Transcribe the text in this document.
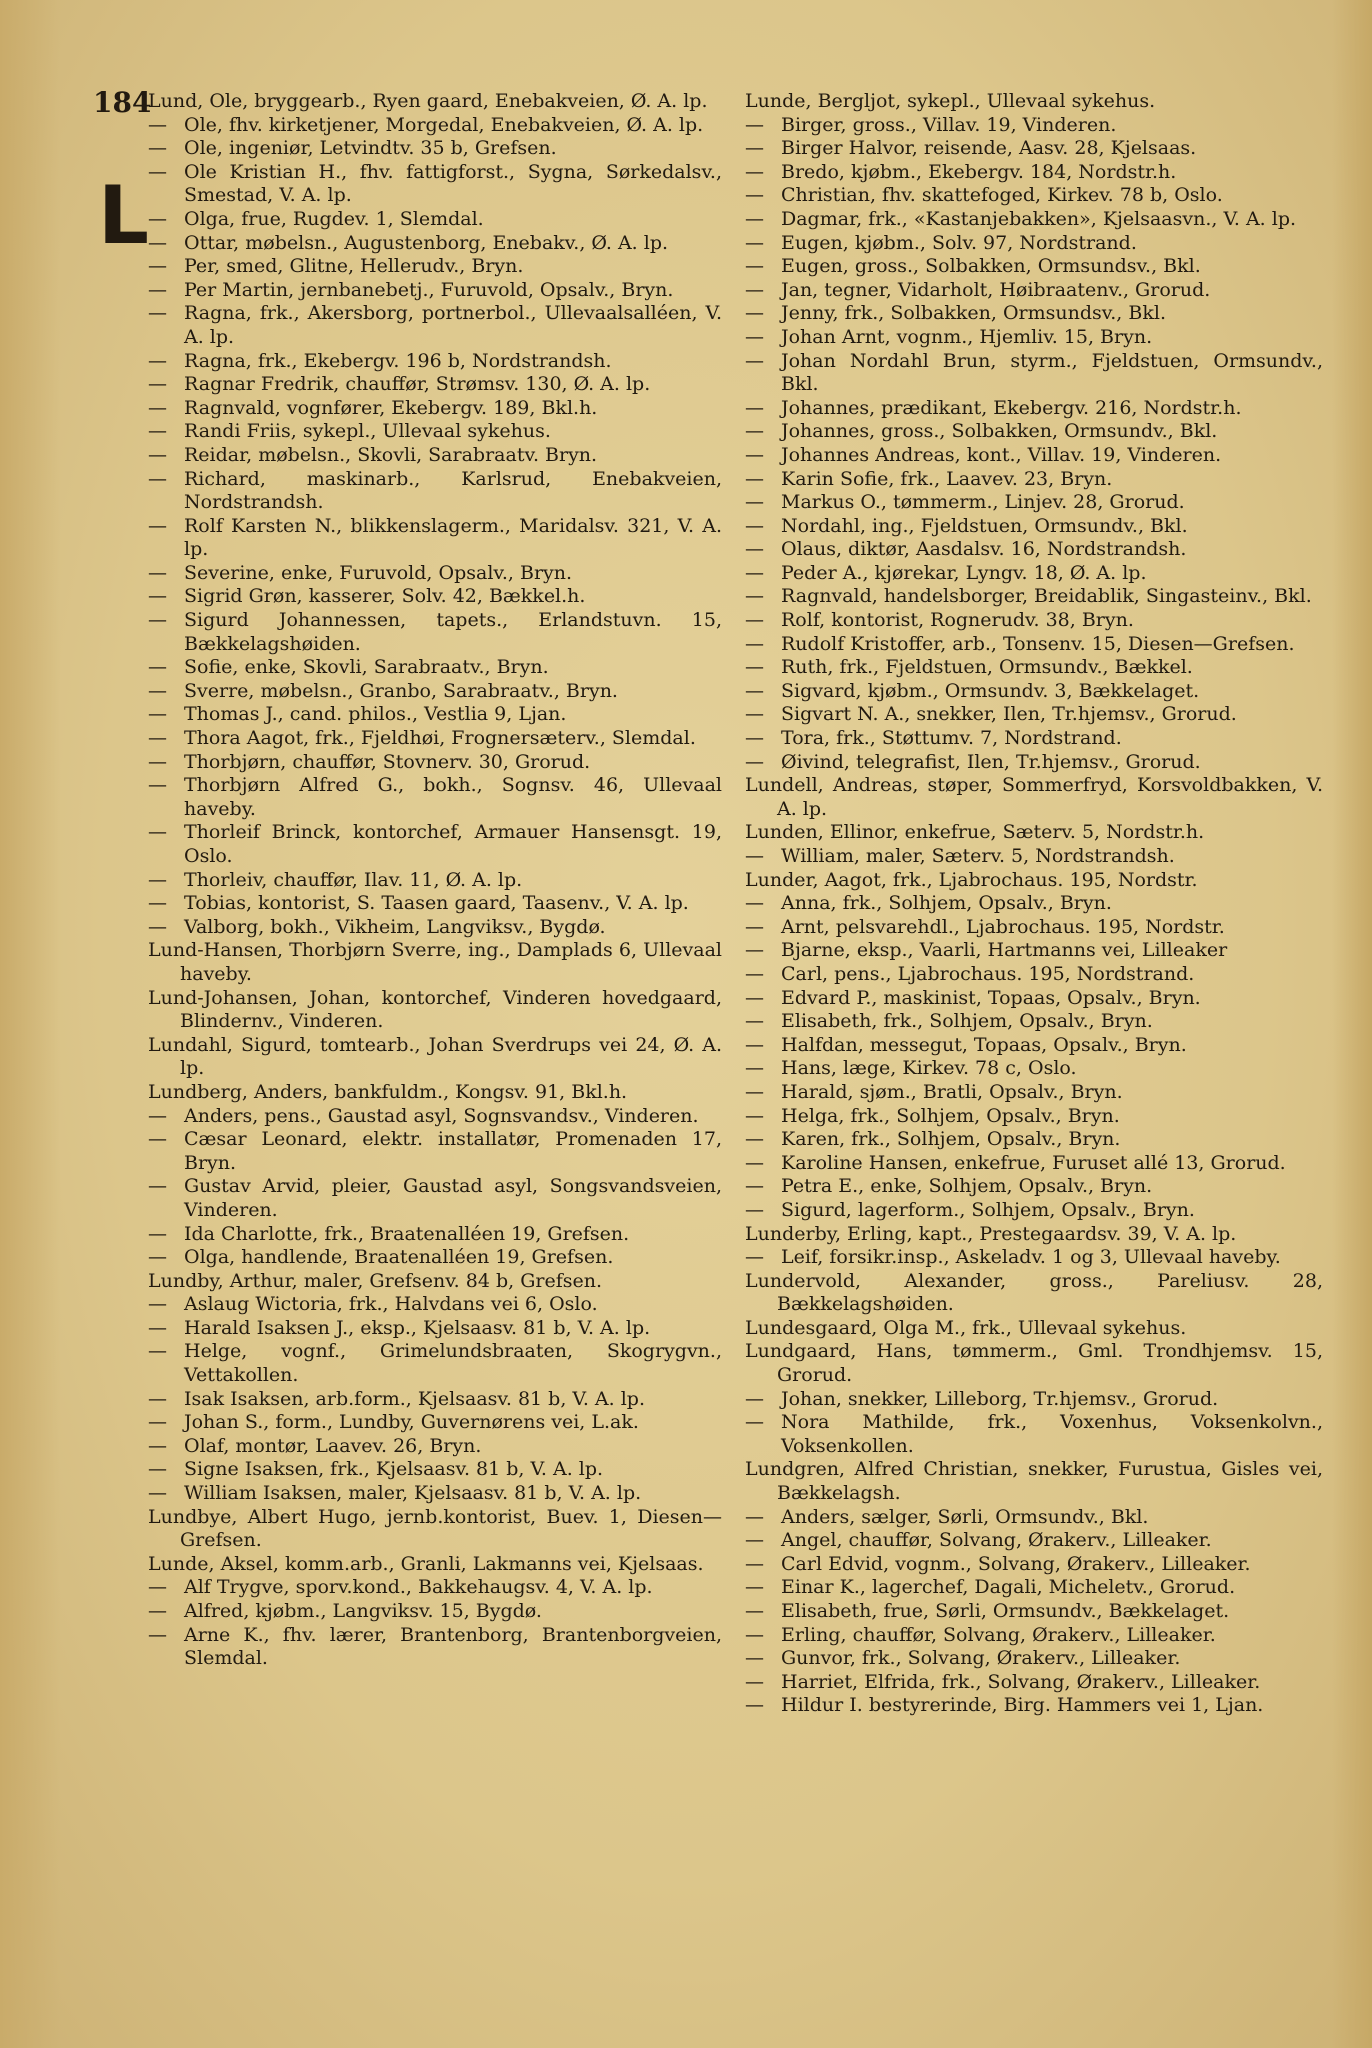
184
L
Lund, Ole, bryggearb., Ryen gaard, Enebakveien, Ø. A. lp.
— Ole, fhv. kirketjener, Morgedal, Enebakveien, Ø. A. lp.
— Ole, ingeniør, Letvindtv. 35 b, Grefsen.
— Ole Kristian H., fhv. fattigforst., Sygna, Sørkedalsv., Smestad, V. A. lp.
— Olga, frue, Rugdev. 1, Slemdal.
— Ottar, møbelsn., Augustenborg, Enebakv., Ø. A. lp.
— Per, smed, Glitne, Hellerudv., Bryn.
— Per Martin, jernbanebetj., Furuvold, Opsalv., Bryn.
— Ragna, frk., Akersborg, portnerbol., Ullevaalsalléen, V. A. lp.
— Ragna, frk., Ekebergv. 196 b, Nordstrandsh.
— Ragnar Fredrik, chauffør, Strømsv. 130, Ø. A. lp.
— Ragnvald, vognfører, Ekebergv. 189, Bkl.h.
— Randi Friis, sykepl., Ullevaal sykehus.
— Reidar, møbelsn., Skovli, Sarabraatv. Bryn.
— Richard, maskinarb., Karlsrud, Enebakveien, Nordstrandsh.
— Rolf Karsten N., blikkenslagerm., Maridalsv. 321, V. A. lp.
— Severine, enke, Furuvold, Opsalv., Bryn.
— Sigrid Grøn, kasserer, Solv. 42, Bækkel.h.
— Sigurd Johannessen, tapets., Erlandstuvn. 15, Bækkelagshøiden.
— Sofie, enke, Skovli, Sarabraatv., Bryn.
— Sverre, møbelsn., Granbo, Sarabraatv., Bryn.
— Thomas J., cand. philos., Vestlia 9, Ljan.
— Thora Aagot, frk., Fjeldhøi, Frognersæterv., Slemdal.
— Thorbjørn, chauffør, Stovnerv. 30, Grorud.
— Thorbjørn Alfred G., bokh., Sognsv. 46, Ullevaal haveby.
— Thorleif Brinck, kontorchef, Armauer Hansensgt. 19, Oslo.
— Thorleiv, chauffør, Ilav. 11, Ø. A. lp.
— Tobias, kontorist, S. Taasen gaard, Taasenv., V. A. lp.
— Valborg, bokh., Vikheim, Langviksv., Bygdø.
Lund-Hansen, Thorbjørn Sverre, ing., Damplads 6, Ullevaal haveby.
Lund-Johansen, Johan, kontorchef, Vinderen hovedgaard, Blindernv., Vinderen.
Lundahl, Sigurd, tomtearb., Johan Sverdrups vei 24, Ø. A. lp.
Lundberg, Anders, bankfuldm., Kongsv. 91, Bkl.h.
— Anders, pens., Gaustad asyl, Sognsvandsv., Vinderen.
— Cæsar Leonard, elektr. installatør, Promenaden 17, Bryn.
— Gustav Arvid, pleier, Gaustad asyl, Songsvandsveien, Vinderen.
— Ida Charlotte, frk., Braatenalléen 19, Grefsen.
— Olga, handlende, Braatenalléen 19, Grefsen.
Lundby, Arthur, maler, Grefsenv. 84 b, Grefsen.
— Aslaug Wictoria, frk., Halvdans vei 6, Oslo.
— Harald Isaksen J., eksp., Kjelsaasv. 81 b, V. A. lp.
— Helge, vognf., Grimelundsbraaten, Skogrygvn., Vettakollen.
— Isak Isaksen, arb.form., Kjelsaasv. 81 b, V. A. lp.
— Johan S., form., Lundby, Guvernørens vei, L.ak.
— Olaf, montør, Laavev. 26, Bryn.
— Signe Isaksen, frk., Kjelsaasv. 81 b, V. A. lp.
— William Isaksen, maler, Kjelsaasv. 81 b, V. A. lp.
Lundbye, Albert Hugo, jernb.kontorist, Buev. 1, Diesen—Grefsen.
Lunde, Aksel, komm.arb., Granli, Lakmanns vei, Kjelsaas.
— Alf Trygve, sporv.kond., Bakkehaugsv. 4, V. A. lp.
— Alfred, kjøbm., Langviksv. 15, Bygdø.
— Arne K., fhv. lærer, Brantenborg, Brantenborgveien, Slemdal.
Lunde, Bergljot, sykepl., Ullevaal sykehus.
— Birger, gross., Villav. 19, Vinderen.
— Birger Halvor, reisende, Aasv. 28, Kjelsaas.
— Bredo, kjøbm., Ekebergv. 184, Nordstr.h.
— Christian, fhv. skattefoged, Kirkev. 78 b, Oslo.
— Dagmar, frk., «Kastanjebakken», Kjelsaasvn., V. A. lp.
— Eugen, kjøbm., Solv. 97, Nordstrand.
— Eugen, gross., Solbakken, Ormsundsv., Bkl.
— Jan, tegner, Vidarholt, Høibraatenv., Grorud.
— Jenny, frk., Solbakken, Ormsundsv., Bkl.
— Johan Arnt, vognm., Hjemliv. 15, Bryn.
— Johan Nordahl Brun, styrm., Fjeldstuen, Ormsundv., Bkl.
— Johannes, prædikant, Ekebergv. 216, Nordstr.h.
— Johannes, gross., Solbakken, Ormsundv., Bkl.
— Johannes Andreas, kont., Villav. 19, Vinderen.
— Karin Sofie, frk., Laavev. 23, Bryn.
— Markus O., tømmerm., Linjev. 28, Grorud.
— Nordahl, ing., Fjeldstuen, Ormsundv., Bkl.
— Olaus, diktør, Aasdalsv. 16, Nordstrandsh.
— Peder A., kjørekar, Lyngv. 18, Ø. A. lp.
— Ragnvald, handelsborger, Breidablik, Singasteinv., Bkl.
— Rolf, kontorist, Rognerudv. 38, Bryn.
— Rudolf Kristoffer, arb., Tonsenv. 15, Diesen—Grefsen.
— Ruth, frk., Fjeldstuen, Ormsundv., Bækkel.
— Sigvard, kjøbm., Ormsundv. 3, Bækkelaget.
— Sigvart N. A., snekker, Ilen, Tr.hjemsv., Grorud.
— Tora, frk., Støttumv. 7, Nordstrand.
— Øivind, telegrafist, Ilen, Tr.hjemsv., Grorud.
Lundell, Andreas, støper, Sommerfryd, Korsvoldbakken, V. A. lp.
Lunden, Ellinor, enkefrue, Sæterv. 5, Nordstr.h.
— William, maler, Sæterv. 5, Nordstrandsh.
Lunder, Aagot, frk., Ljabrochaus. 195, Nordstr.
— Anna, frk., Solhjem, Opsalv., Bryn.
— Arnt, pelsvarehdl., Ljabrochaus. 195, Nordstr.
— Bjarne, eksp., Vaarli, Hartmanns vei, Lilleaker
— Carl, pens., Ljabrochaus. 195, Nordstrand.
— Edvard P., maskinist, Topaas, Opsalv., Bryn.
— Elisabeth, frk., Solhjem, Opsalv., Bryn.
— Halfdan, messegut, Topaas, Opsalv., Bryn.
— Hans, læge, Kirkev. 78 c, Oslo.
— Harald, sjøm., Bratli, Opsalv., Bryn.
— Helga, frk., Solhjem, Opsalv., Bryn.
— Karen, frk., Solhjem, Opsalv., Bryn.
— Karoline Hansen, enkefrue, Furuset allé 13, Grorud.
— Petra E., enke, Solhjem, Opsalv., Bryn.
— Sigurd, lagerform., Solhjem, Opsalv., Bryn.
Lunderby, Erling, kapt., Prestegaardsv. 39, V. A. lp.
— Leif, forsikr.insp., Askeladv. 1 og 3, Ullevaal haveby.
Lundervold, Alexander, gross., Pareliusv. 28, Bækkelagshøiden.
Lundesgaard, Olga M., frk., Ullevaal sykehus.
Lundgaard, Hans, tømmerm., Gml. Trondhjemsv. 15, Grorud.
— Johan, snekker, Lilleborg, Tr.hjemsv., Grorud.
— Nora Mathilde, frk., Voxenhus, Voksenkolvn., Voksenkollen.
Lundgren, Alfred Christian, snekker, Furustua, Gisles vei, Bækkelagsh.
— Anders, sælger, Sørli, Ormsundv., Bkl.
— Angel, chauffør, Solvang, Ørakerv., Lilleaker.
— Carl Edvid, vognm., Solvang, Ørakerv., Lilleaker.
— Einar K., lagerchef, Dagali, Micheletv., Grorud.
— Elisabeth, frue, Sørli, Ormsundv., Bækkelaget.
— Erling, chauffør, Solvang, Ørakerv., Lilleaker.
— Gunvor, frk., Solvang, Ørakerv., Lilleaker.
— Harriet, Elfrida, frk., Solvang, Ørakerv., Lilleaker.
— Hildur I. bestyrerinde, Birg. Hammers vei 1, Ljan.
